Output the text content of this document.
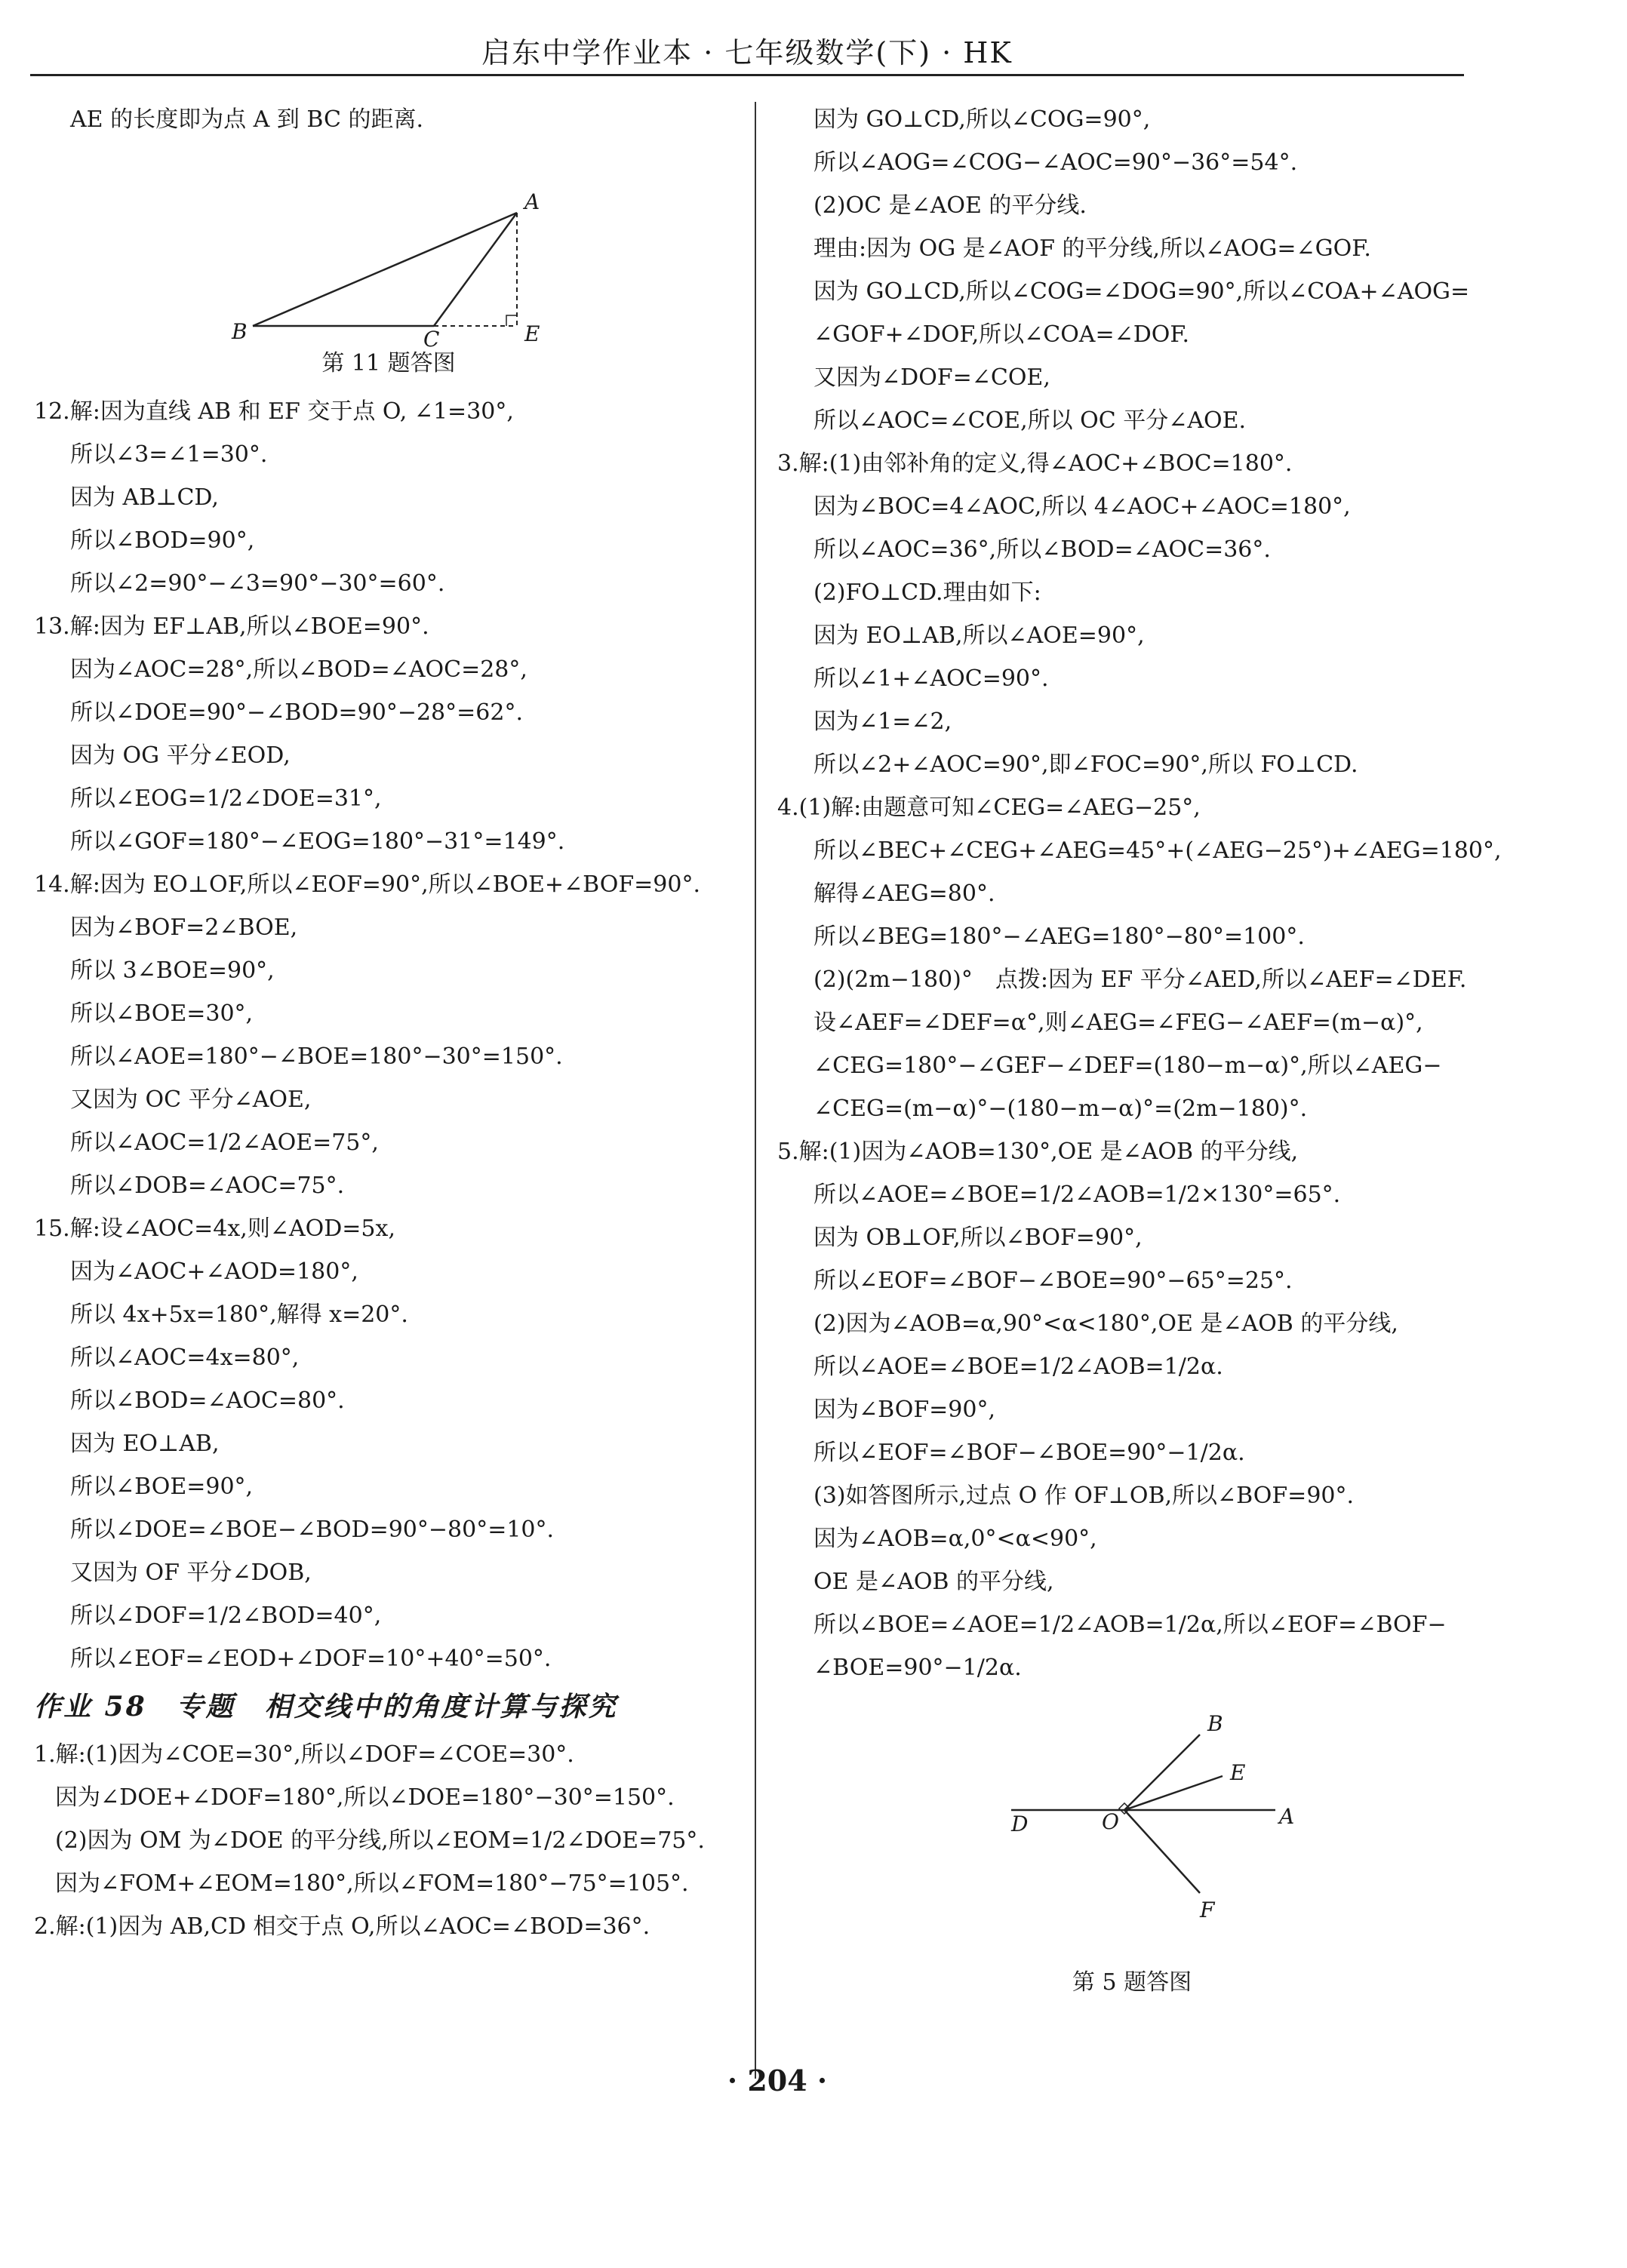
启东中学作业本 · 七年级数学(下) · HK
AE 的长度即为点 A 到 BC 的距离.
A
B	C	E
第 11 题答图
12.解:因为直线 AB 和 EF 交于点 O, ∠1=30°,
所以∠3=∠1=30°.
因为 AB⊥CD,
所以∠BOD=90°,
所以∠2=90°−∠3=90°−30°=60°.
13.解:因为 EF⊥AB,所以∠BOE=90°.
因为∠AOC=28°,所以∠BOD=∠AOC=28°,
所以∠DOE=90°−∠BOD=90°−28°=62°.
因为 OG 平分∠EOD,
所以∠EOG=1/2∠DOE=31°,
所以∠GOF=180°−∠EOG=180°−31°=149°.
14.解:因为 EO⊥OF,所以∠EOF=90°,所以∠BOE+∠BOF=90°.
因为∠BOF=2∠BOE,
所以 3∠BOE=90°,
所以∠BOE=30°,
所以∠AOE=180°−∠BOE=180°−30°=150°.
又因为 OC 平分∠AOE,
所以∠AOC=1/2∠AOE=75°,
所以∠DOB=∠AOC=75°.
15.解:设∠AOC=4x,则∠AOD=5x,
因为∠AOC+∠AOD=180°,
所以 4x+5x=180°,解得 x=20°.
所以∠AOC=4x=80°,
所以∠BOD=∠AOC=80°.
因为 EO⊥AB,
所以∠BOE=90°,
所以∠DOE=∠BOE−∠BOD=90°−80°=10°.
又因为 OF 平分∠DOB,
所以∠DOF=1/2∠BOD=40°,
所以∠EOF=∠EOD+∠DOF=10°+40°=50°.
作业 58　专题　相交线中的角度计算与探究
1.解:(1)因为∠COE=30°,所以∠DOF=∠COE=30°.
因为∠DOE+∠DOF=180°,所以∠DOE=180°−30°=150°.
(2)因为 OM 为∠DOE 的平分线,所以∠EOM=1/2∠DOE=75°.
因为∠FOM+∠EOM=180°,所以∠FOM=180°−75°=105°.
2.解:(1)因为 AB,CD 相交于点 O,所以∠AOC=∠BOD=36°.
因为 GO⊥CD,所以∠COG=90°,
所以∠AOG=∠COG−∠AOC=90°−36°=54°.
(2)OC 是∠AOE 的平分线.
理由:因为 OG 是∠AOF 的平分线,所以∠AOG=∠GOF.
因为 GO⊥CD,所以∠COG=∠DOG=90°,所以∠COA+∠AOG=
∠GOF+∠DOF,所以∠COA=∠DOF.
又因为∠DOF=∠COE,
所以∠AOC=∠COE,所以 OC 平分∠AOE.
3.解:(1)由邻补角的定义,得∠AOC+∠BOC=180°.
因为∠BOC=4∠AOC,所以 4∠AOC+∠AOC=180°,
所以∠AOC=36°,所以∠BOD=∠AOC=36°.
(2)FO⊥CD.理由如下:
因为 EO⊥AB,所以∠AOE=90°,
所以∠1+∠AOC=90°.
因为∠1=∠2,
所以∠2+∠AOC=90°,即∠FOC=90°,所以 FO⊥CD.
4.(1)解:由题意可知∠CEG=∠AEG−25°,
所以∠BEC+∠CEG+∠AEG=45°+(∠AEG−25°)+∠AEG=180°,
解得∠AEG=80°.
所以∠BEG=180°−∠AEG=180°−80°=100°.
(2)(2m−180)°　点拨:因为 EF 平分∠AED,所以∠AEF=∠DEF.
设∠AEF=∠DEF=α°,则∠AEG=∠FEG−∠AEF=(m−α)°,
∠CEG=180°−∠GEF−∠DEF=(180−m−α)°,所以∠AEG−
∠CEG=(m−α)°−(180−m−α)°=(2m−180)°.
5.解:(1)因为∠AOB=130°,OE 是∠AOB 的平分线,
所以∠AOE=∠BOE=1/2∠AOB=1/2×130°=65°.
因为 OB⊥OF,所以∠BOF=90°,
所以∠EOF=∠BOF−∠BOE=90°−65°=25°.
(2)因为∠AOB=α,90°<α<180°,OE 是∠AOB 的平分线,
所以∠AOE=∠BOE=1/2∠AOB=1/2α.
因为∠BOF=90°,
所以∠EOF=∠BOF−∠BOE=90°−1/2α.
(3)如答图所示,过点 O 作 OF⊥OB,所以∠BOF=90°.
因为∠AOB=α,0°<α<90°,
OE 是∠AOB 的平分线,
所以∠BOE=∠AOE=1/2∠AOB=1/2α,所以∠EOF=∠BOF−
∠BOE=90°−1/2α.
B
E
A
D	O
F
第 5 题答图
· 204 ·
